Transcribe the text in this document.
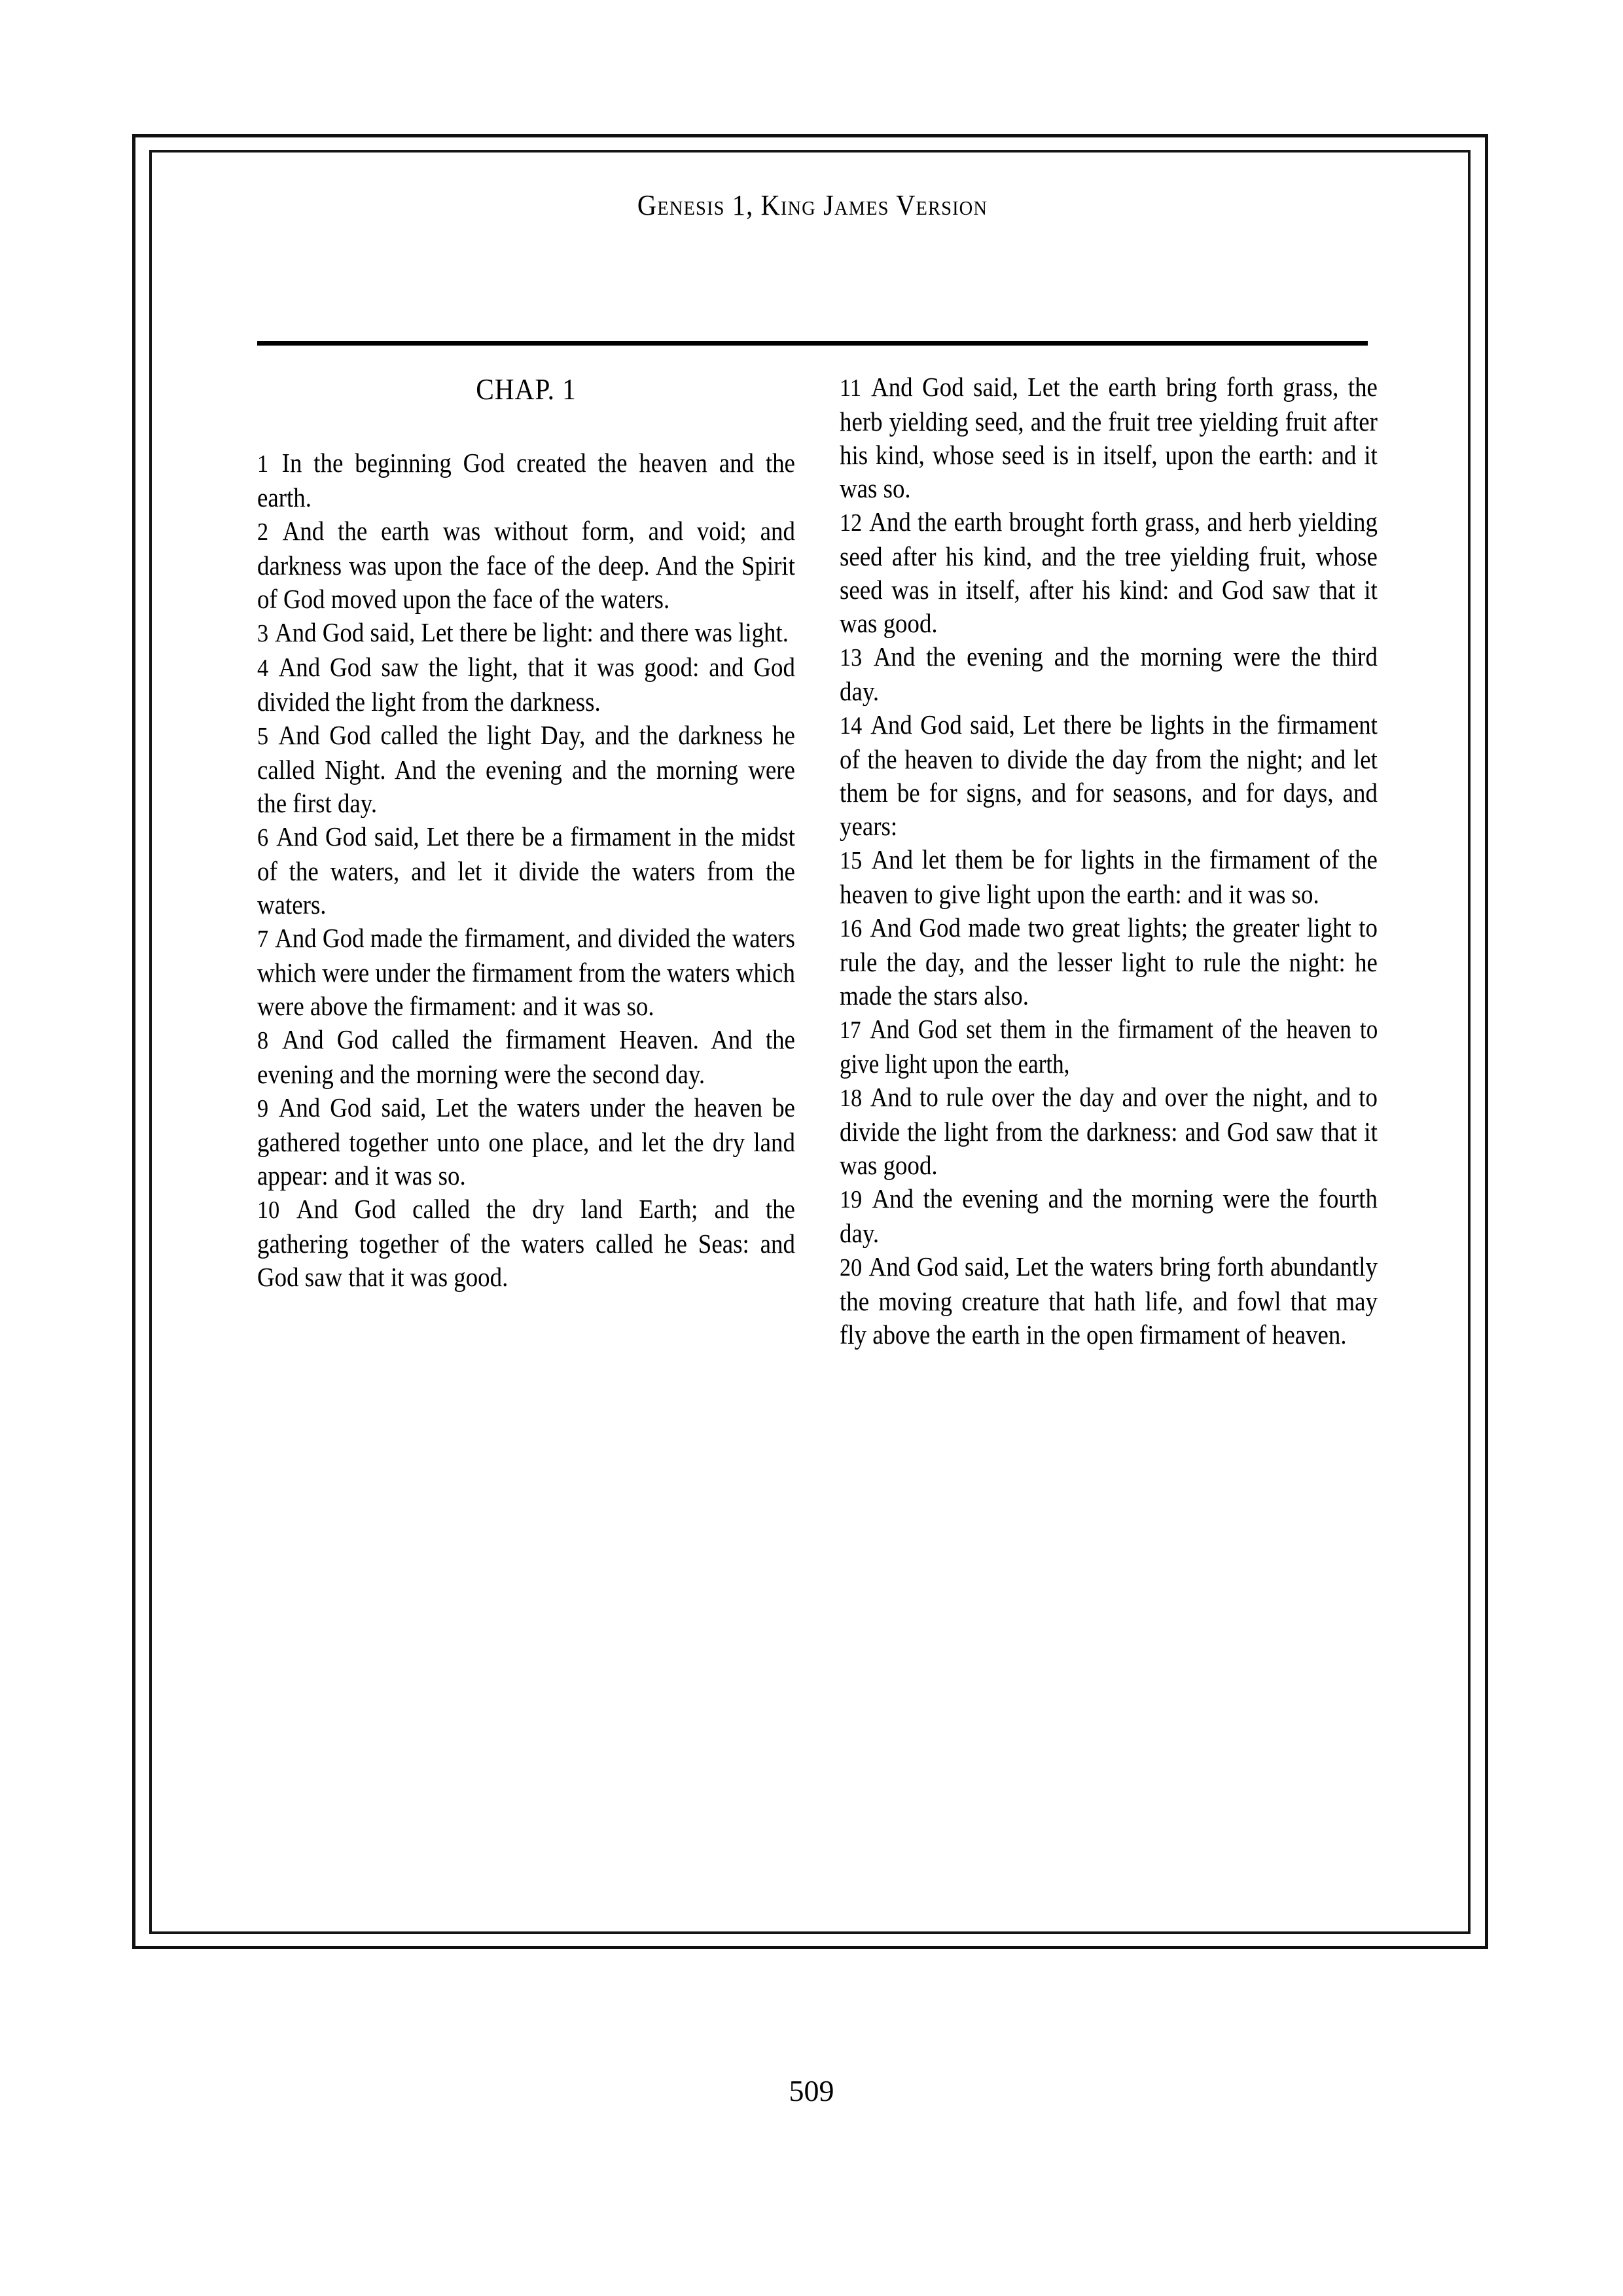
Genesis 1, King James Version
CHAP. 1

1 In the beginning God created the heaven and the earth.

2 And the earth was without form, and void; and darkness was upon the face of the deep. And the Spirit of God moved upon the face of the waters.

3 And God said, Let there be light: and there was light.

4 And God saw the light, that it was good: and God divided the light from the darkness.

5 And God called the light Day, and the darkness he called Night. And the evening and the morning were the first day.

6 And God said, Let there be a firmament in the midst of the waters, and let it divide the waters from the waters.

7 And God made the firmament, and divided the waters which were under the firmament from the waters which were above the firmament: and it was so.

8 And God called the firmament Heaven. And the evening and the morning were the second day.

9 And God said, Let the waters under the heaven be gathered together unto one place, and let the dry land appear: and it was so.

10 And God called the dry land Earth; and the gathering together of the waters called he Seas: and God saw that it was good.

11 And God said, Let the earth bring forth grass, the herb yielding seed, and the fruit tree yielding fruit after his kind, whose seed is in itself, upon the earth: and it was so.

12 And the earth brought forth grass, and herb yielding seed after his kind, and the tree yielding fruit, whose seed was in itself, after his kind: and God saw that it was good.

13 And the evening and the morning were the third day.

14 And God said, Let there be lights in the firmament of the heaven to divide the day from the night; and let them be for signs, and for seasons, and for days, and years:

15 And let them be for lights in the firmament of the heaven to give light upon the earth: and it was so.

16 And God made two great lights; the greater light to rule the day, and the lesser light to rule the night: he made the stars also.

17 And God set them in the firmament of the heaven to give light upon the earth,

18 And to rule over the day and over the night, and to divide the light from the darkness: and God saw that it was good.

19 And the evening and the morning were the fourth day.

20 And God said, Let the waters bring forth abundantly the moving creature that hath life, and fowl that may fly above the earth in the open firmament of heaven.

509
